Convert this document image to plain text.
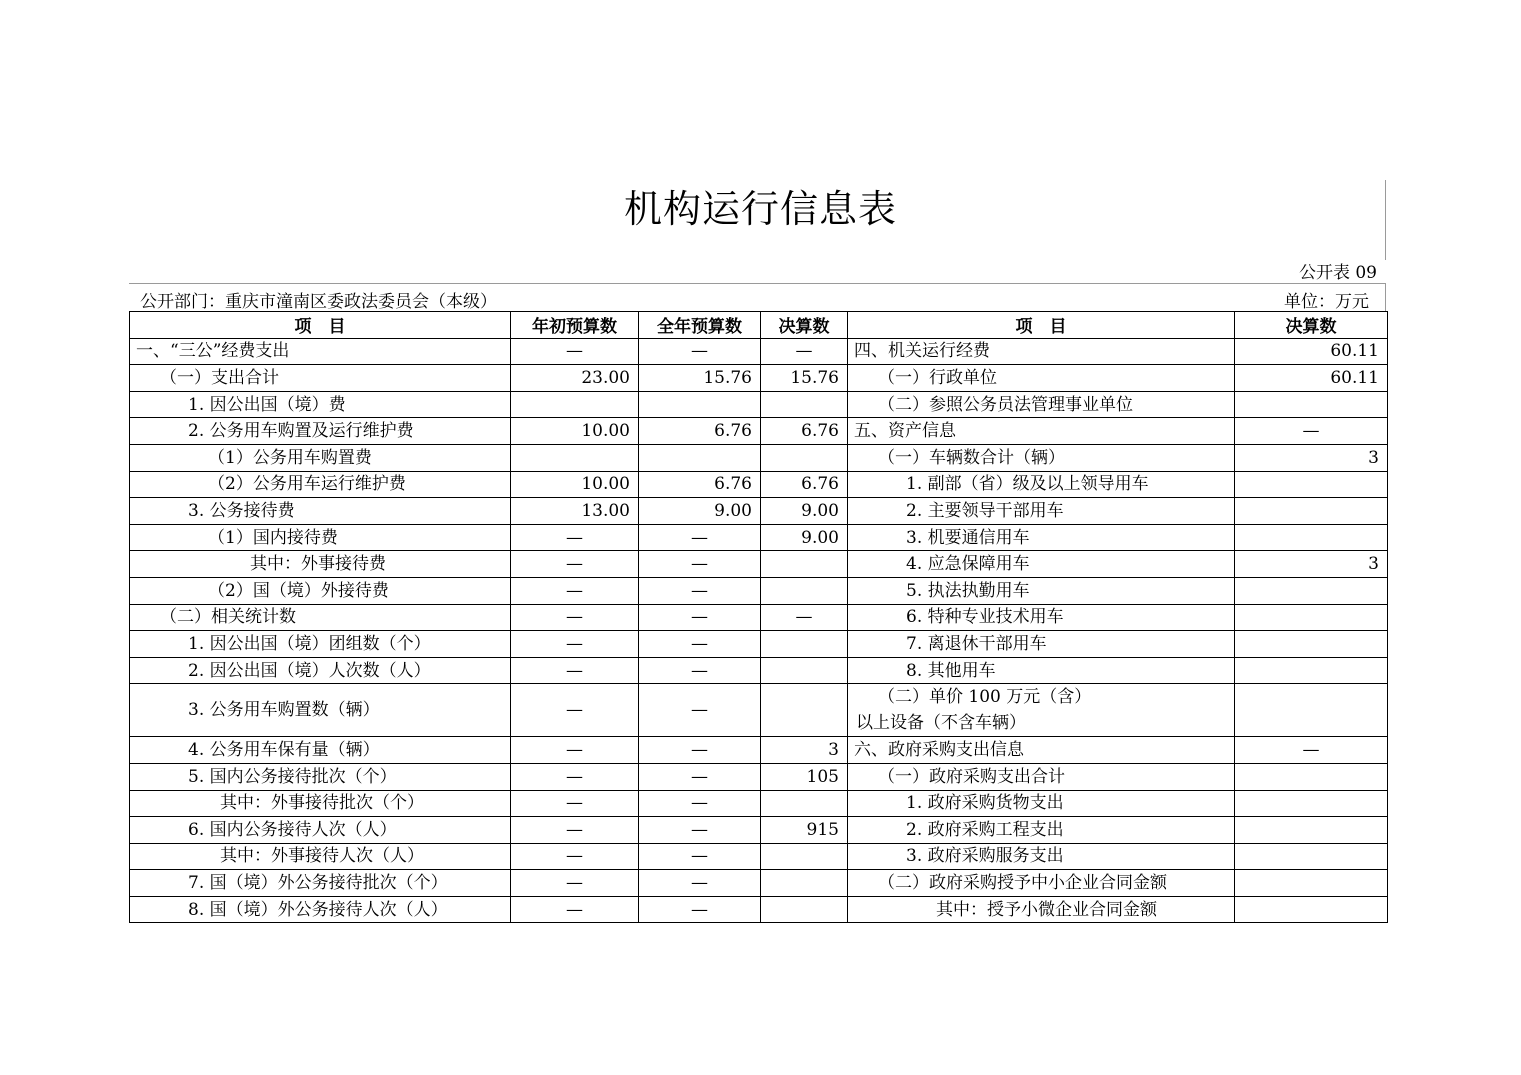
机构运行信息表
公开表 09
公开部门：重庆市潼南区委政法委员会（本级）	单位：万元
项　目	年初预算数	全年预算数	决算数	项　目	决算数
一、“三公”经费支出	—	—	—	四、机关运行经费	60.11
（一）支出合计	23.00	15.76	15.76	（一）行政单位	60.11
1. 因公出国（境）费				（二）参照公务员法管理事业单位	
2. 公务用车购置及运行维护费	10.00	6.76	6.76	五、资产信息	—
（1）公务用车购置费				（一）车辆数合计（辆）	3
（2）公务用车运行维护费	10.00	6.76	6.76	1. 副部（省）级及以上领导用车	
3. 公务接待费	13.00	9.00	9.00	2. 主要领导干部用车	
（1）国内接待费	—	—	9.00	3. 机要通信用车	
其中：外事接待费	—	—		4. 应急保障用车	3
（2）国（境）外接待费	—	—		5. 执法执勤用车	
（二）相关统计数	—	—	—	6. 特种专业技术用车	
1. 因公出国（境）团组数（个）	—	—		7. 离退休干部用车	
2. 因公出国（境）人次数（人）	—	—		8. 其他用车	
3. 公务用车购置数（辆）	—	—		（二）单价 100 万元（含）以上设备（不含车辆）	
4. 公务用车保有量（辆）	—	—	3	六、政府采购支出信息	—
5. 国内公务接待批次（个）	—	—	105	（一）政府采购支出合计	
其中：外事接待批次（个）	—	—		1. 政府采购货物支出	
6. 国内公务接待人次（人）	—	—	915	2. 政府采购工程支出	
其中：外事接待人次（人）	—	—		3. 政府采购服务支出	
7. 国（境）外公务接待批次（个）	—	—		（二）政府采购授予中小企业合同金额	
8. 国（境）外公务接待人次（人）	—	—		其中：授予小微企业合同金额	
